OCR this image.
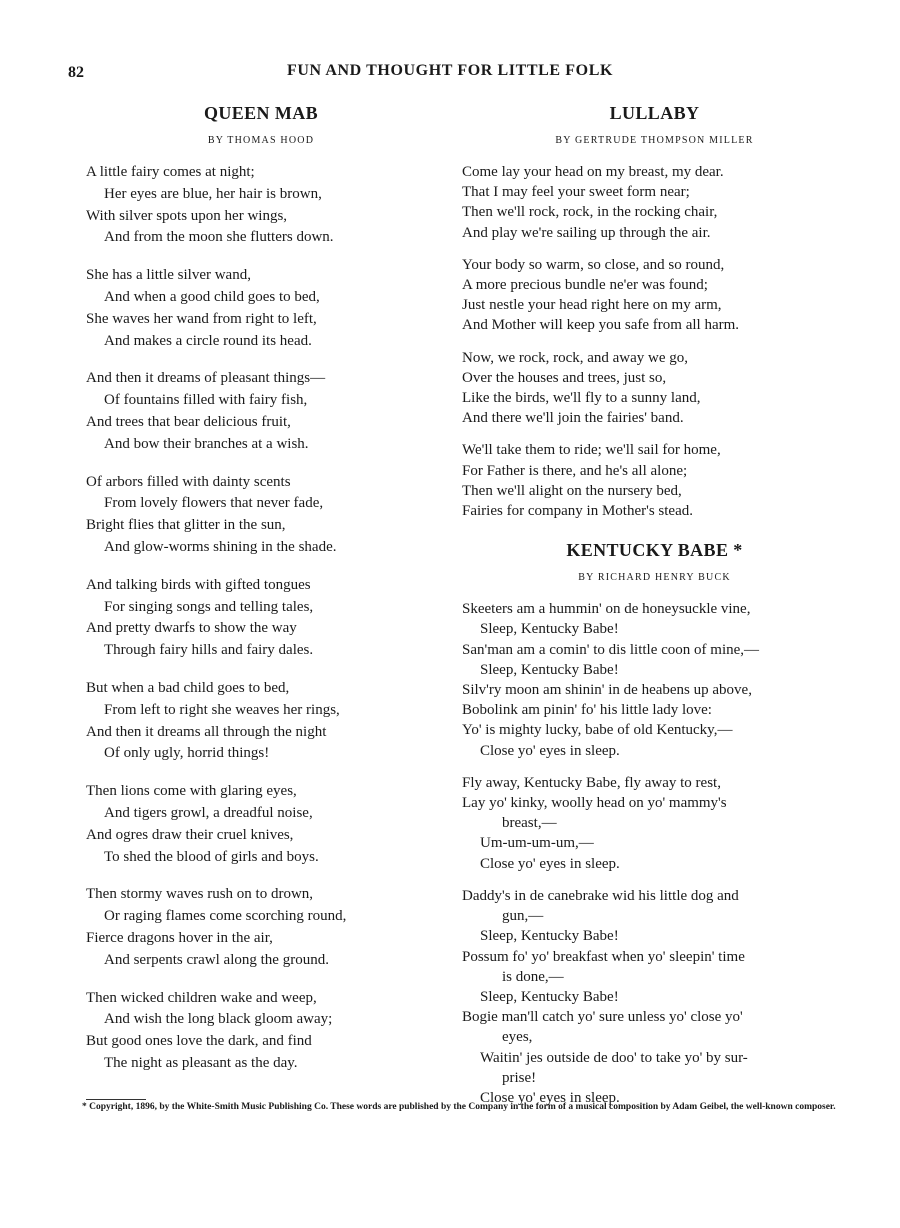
82	FUN AND THOUGHT FOR LITTLE FOLK
QUEEN MAB
BY THOMAS HOOD
A little fairy comes at night;
Her eyes are blue, her hair is brown,
With silver spots upon her wings,
And from the moon she flutters down.
She has a little silver wand,
And when a good child goes to bed,
She waves her wand from right to left,
And makes a circle round its head.
And then it dreams of pleasant things—
Of fountains filled with fairy fish,
And trees that bear delicious fruit,
And bow their branches at a wish.
Of arbors filled with dainty scents
From lovely flowers that never fade,
Bright flies that glitter in the sun,
And glow-worms shining in the shade.
And talking birds with gifted tongues
For singing songs and telling tales,
And pretty dwarfs to show the way
Through fairy hills and fairy dales.
But when a bad child goes to bed,
From left to right she weaves her rings,
And then it dreams all through the night
Of only ugly, horrid things!
Then lions come with glaring eyes,
And tigers growl, a dreadful noise,
And ogres draw their cruel knives,
To shed the blood of girls and boys.
Then stormy waves rush on to drown,
Or raging flames come scorching round,
Fierce dragons hover in the air,
And serpents crawl along the ground.
Then wicked children wake and weep,
And wish the long black gloom away;
But good ones love the dark, and find
The night as pleasant as the day.
LULLABY
BY GERTRUDE THOMPSON MILLER
Come lay your head on my breast, my dear.
That I may feel your sweet form near;
Then we'll rock, rock, in the rocking chair,
And play we're sailing up through the air.
Your body so warm, so close, and so round,
A more precious bundle ne'er was found;
Just nestle your head right here on my arm,
And Mother will keep you safe from all harm.
Now, we rock, rock, and away we go,
Over the houses and trees, just so,
Like the birds, we'll fly to a sunny land,
And there we'll join the fairies' band.
We'll take them to ride; we'll sail for home,
For Father is there, and he's all alone;
Then we'll alight on the nursery bed,
Fairies for company in Mother's stead.
KENTUCKY BABE *
BY RICHARD HENRY BUCK
Skeeters am a hummin' on de honeysuckle vine,
Sleep, Kentucky Babe!
San'man am a comin' to dis little coon of mine,—
Sleep, Kentucky Babe!
Silv'ry moon am shinin' in de heabens up above,
Bobolink am pinin' fo' his little lady love:
Yo' is mighty lucky, babe of old Kentucky,—
Close yo' eyes in sleep.
Fly away, Kentucky Babe, fly away to rest,
Lay yo' kinky, woolly head on yo' mammy's
breast,—
Um-um-um-um,—
Close yo' eyes in sleep.
Daddy's in de canebrake wid his little dog and
gun,—
Sleep, Kentucky Babe!
Possum fo' yo' breakfast when yo' sleepin' time
is done,—
Sleep, Kentucky Babe!
Bogie man'll catch yo' sure unless yo' close yo'
eyes,
Waitin' jes outside de doo' to take yo' by sur-
prise!
Close yo' eyes in sleep.
* Copyright, 1896, by the White-Smith Music Publishing Co. These words are published by the Company in the form of a musical composition by Adam Geibel, the well-known composer.
